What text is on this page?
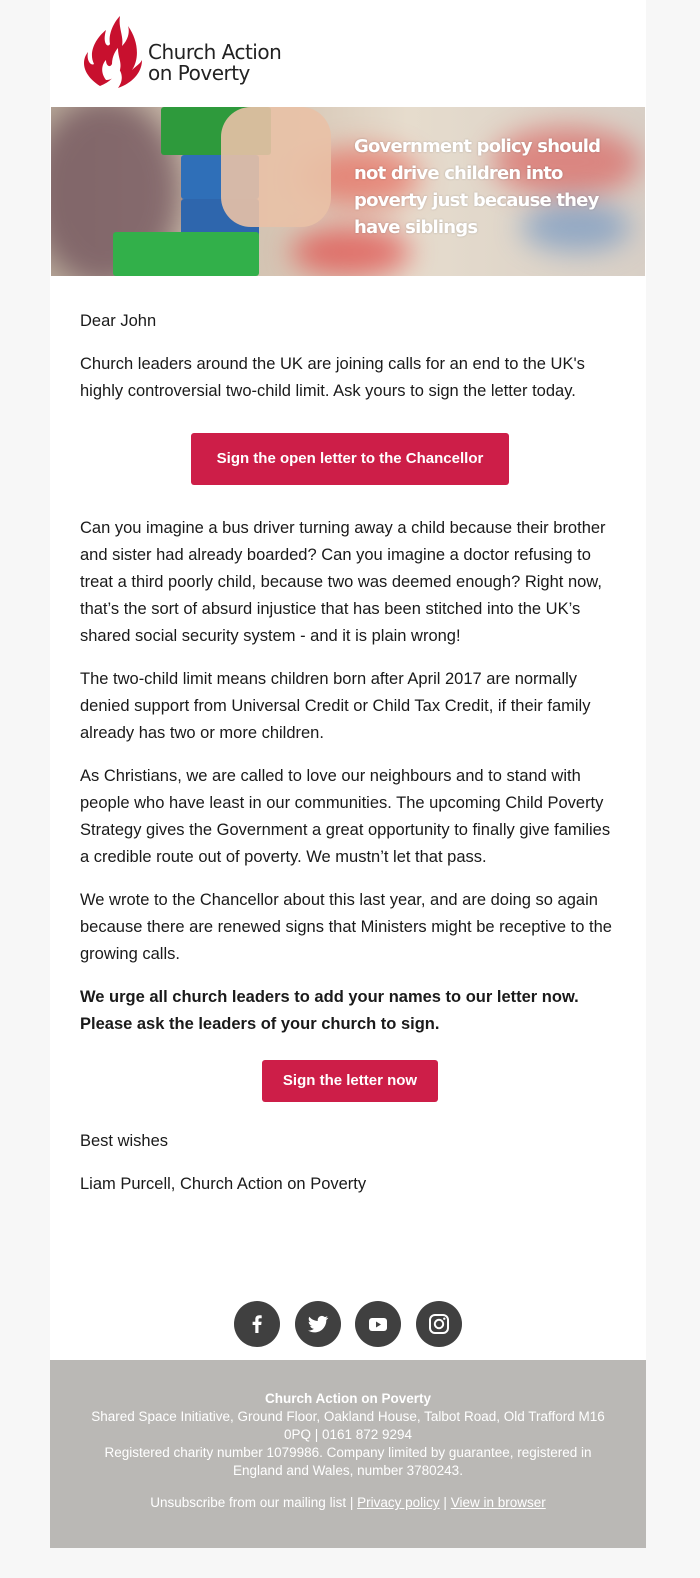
Church Action
on Poverty
Government policy should not drive children into poverty just because they have siblings

Dear John

Church leaders around the UK are joining calls for an end to the UK's highly controversial two-child limit. Ask yours to sign the letter today.

Sign the open letter to the Chancellor

Can you imagine a bus driver turning away a child because their brother and sister had already boarded? Can you imagine a doctor refusing to treat a third poorly child, because two was deemed enough? Right now, that’s the sort of absurd injustice that has been stitched into the UK’s shared social security system - and it is plain wrong!

The two-child limit means children born after April 2017 are normally denied support from Universal Credit or Child Tax Credit, if their family already has two or more children.

As Christians, we are called to love our neighbours and to stand with people who have least in our communities. The upcoming Child Poverty Strategy gives the Government a great opportunity to finally give families a credible route out of poverty. We mustn’t let that pass.

We wrote to the Chancellor about this last year, and are doing so again because there are renewed signs that Ministers might be receptive to the growing calls.

We urge all church leaders to add your names to our letter now. Please ask the leaders of your church to sign.

Sign the letter now

Best wishes

Liam Purcell, Church Action on Poverty

Church Action on Poverty
Shared Space Initiative, Ground Floor, Oakland House, Talbot Road, Old Trafford M16 0PQ | 0161 872 9294
Registered charity number 1079986. Company limited by guarantee, registered in England and Wales, number 3780243.
Unsubscribe from our mailing list | Privacy policy | View in browser
